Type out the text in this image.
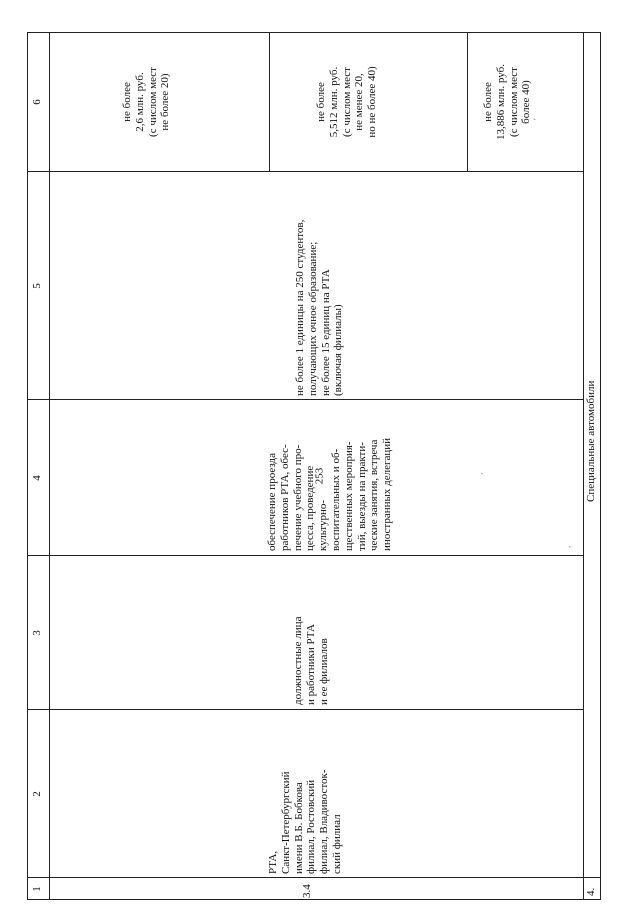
253
1
2
3
4
5
6
3.4
РТА,
Санкт-Петербургский
имени В.Б. Бобкова
филиал, Ростовский
филиал, Владивосток-
ский филиал
должностные лица
и работники РТА
и ее филиалов
обеспечение проезда
работников РТА, обес-
печение учебного про-
цесса, проведение
культурно-
воспитательных и об-
щественных мероприя-
тий, выезды на практи-
ческие занятия, встреча
иностранных делегаций
не более 1 единицы на 250 студентов,
получающих очное образование;
не более 15 единиц на РТА
(включая филиалы)
не более
2,6 млн. руб.
(с числом мест
не более 20)
не более
5,512 млн. руб.
(с числом мест
не менее 20,
но не более 40)
не более
13,886 млн. руб.
(с числом мест
более 40)
4.
Специальные автомобили
,
·
'
